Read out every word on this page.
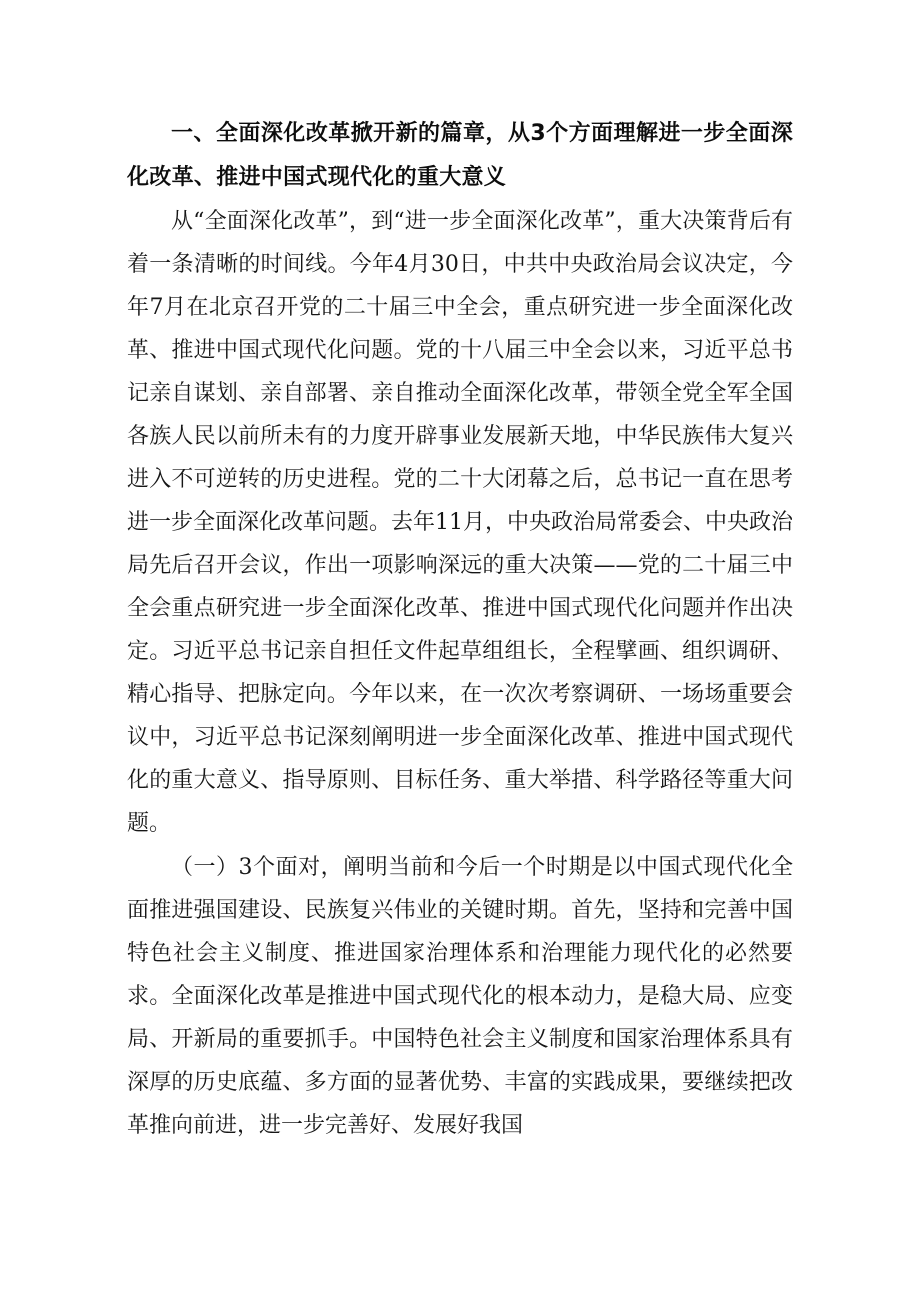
一、全面深化改革掀开新的篇章，从3个方面理解进一步全面深化改革、推进中国式现代化的重大意义

从“全面深化改革”，到“进一步全面深化改革”，重大决策背后有着一条清晰的时间线。今年4月30日，中共中央政治局会议决定，今年7月在北京召开党的二十届三中全会，重点研究进一步全面深化改革、推进中国式现代化问题。党的十八届三中全会以来，习近平总书记亲自谋划、亲自部署、亲自推动全面深化改革，带领全党全军全国各族人民以前所未有的力度开辟事业发展新天地，中华民族伟大复兴进入不可逆转的历史进程。党的二十大闭幕之后，总书记一直在思考进一步全面深化改革问题。去年11月，中央政治局常委会、中央政治局先后召开会议，作出一项影响深远的重大决策——党的二十届三中全会重点研究进一步全面深化改革、推进中国式现代化问题并作出决定。习近平总书记亲自担任文件起草组组长，全程擘画、组织调研、精心指导、把脉定向。今年以来，在一次次考察调研、一场场重要会议中，习近平总书记深刻阐明进一步全面深化改革、推进中国式现代化的重大意义、指导原则、目标任务、重大举措、科学路径等重大问题。

（一）3个面对，阐明当前和今后一个时期是以中国式现代化全面推进强国建设、民族复兴伟业的关键时期。首先，坚持和完善中国特色社会主义制度、推进国家治理体系和治理能力现代化的必然要求。全面深化改革是推进中国式现代化的根本动力，是稳大局、应变局、开新局的重要抓手。中国特色社会主义制度和国家治理体系具有深厚的历史底蕴、多方面的显著优势、丰富的实践成果，要继续把改革推向前进，进一步完善好、发展好我国
